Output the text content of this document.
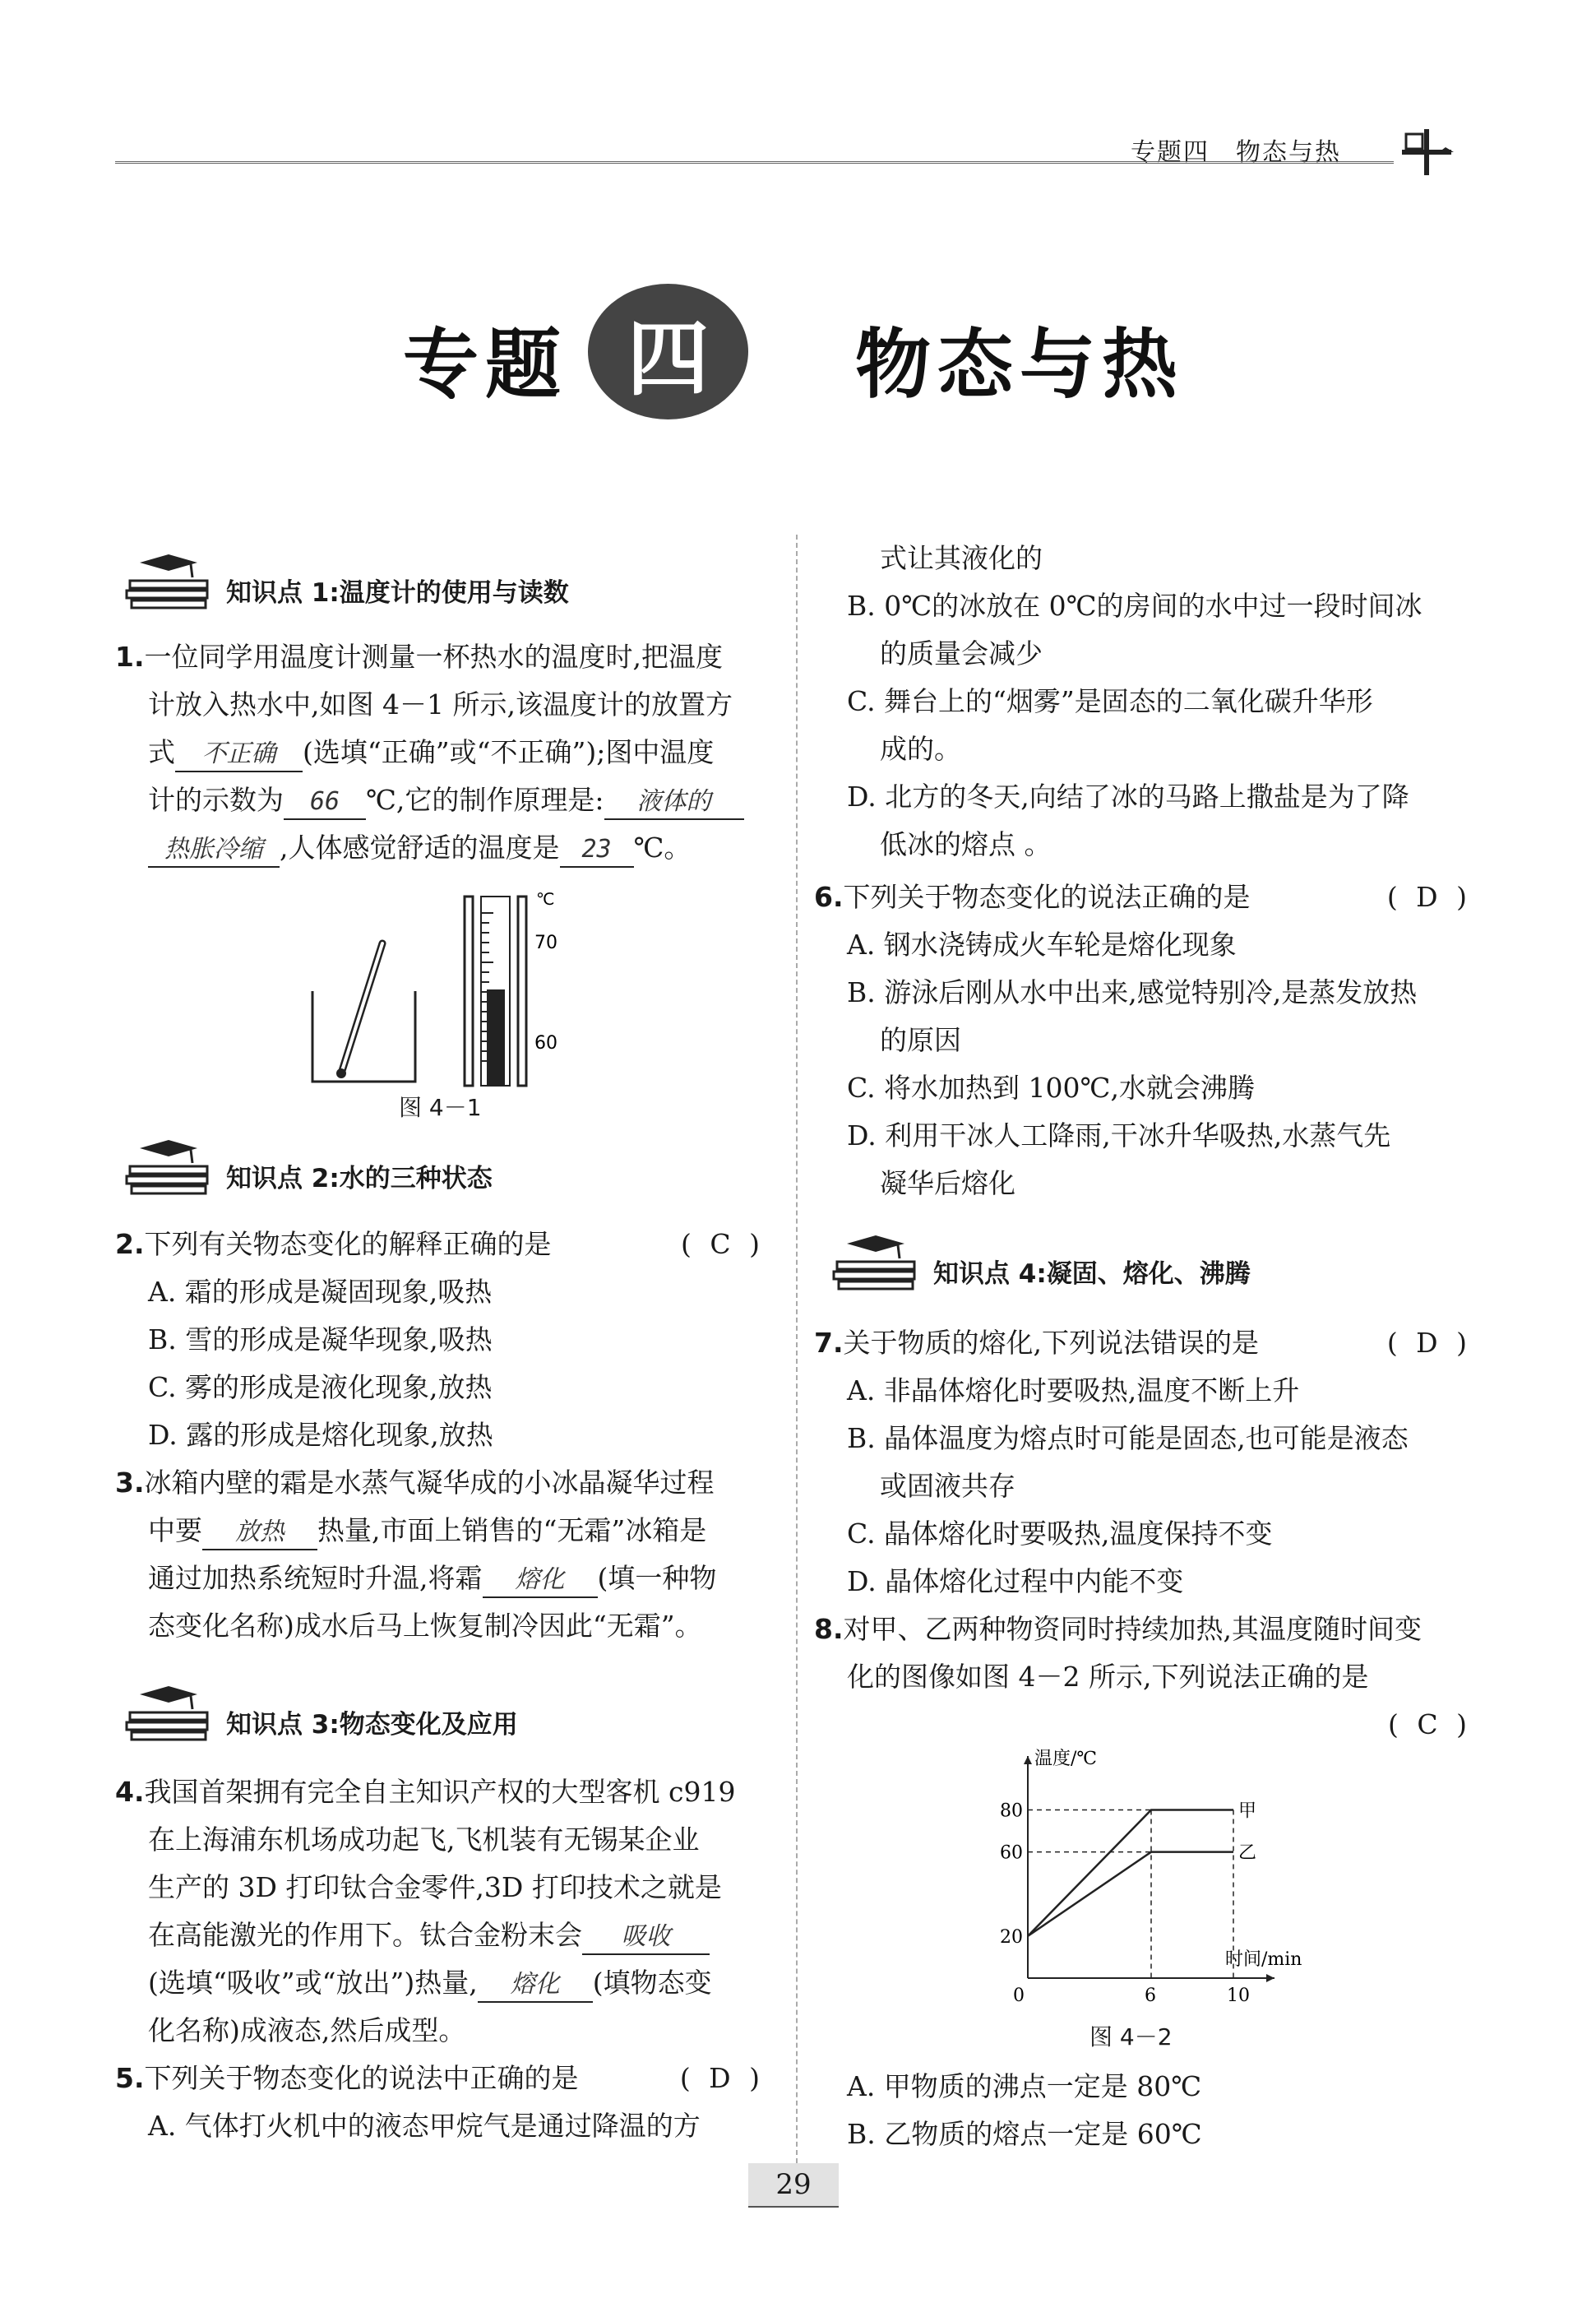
专题四　物态与热
专题 四	物态与热
知识点 1:温度计的使用与读数
1.一位同学用温度计测量一杯热水的温度时,把温度
计放入热水中,如图 4－1 所示,该温度计的放置方
式 不正确 (选填“正确”或“不正确”);图中温度
计的示数为 66 ℃,它的制作原理是: 液体的
热胀冷缩 ,人体感觉舒适的温度是 23 ℃。
℃
70
60
图 4－1
知识点 2:水的三种状态
2.下列有关物态变化的解释正确的是	( C )
A. 霜的形成是凝固现象,吸热
B. 雪的形成是凝华现象,吸热
C. 雾的形成是液化现象,放热
D. 露的形成是熔化现象,放热
3.冰箱内壁的霜是水蒸气凝华成的小冰晶凝华过程
中要 放热 热量,市面上销售的“无霜”冰箱是
通过加热系统短时升温,将霜 熔化 (填一种物
态变化名称)成水后马上恢复制冷因此“无霜”。
知识点 3:物态变化及应用
4.我国首架拥有完全自主知识产权的大型客机 c919
在上海浦东机场成功起飞,飞机装有无锡某企业
生产的 3D 打印钛合金零件,3D 打印技术之就是
在高能激光的作用下。钛合金粉末会 吸收
(选填“吸收”或“放出”)热量, 熔化 (填物态变
化名称)成液态,然后成型。
5.下列关于物态变化的说法中正确的是	( D )
A. 气体打火机中的液态甲烷气是通过降温的方
式让其液化的
B. 0℃的冰放在 0℃的房间的水中过一段时间冰
的质量会减少
C. 舞台上的“烟雾”是固态的二氧化碳升华形
成的。
D. 北方的冬天,向结了冰的马路上撒盐是为了降
低冰的熔点 。
6.下列关于物态变化的说法正确的是	( D )
A. 钢水浇铸成火车轮是熔化现象
B. 游泳后刚从水中出来,感觉特别冷,是蒸发放热
的原因
C. 将水加热到 100℃,水就会沸腾
D. 利用干冰人工降雨,干冰升华吸热,水蒸气先
凝华后熔化
知识点 4:凝固、熔化、沸腾
7.关于物质的熔化,下列说法错误的是	( D )
A. 非晶体熔化时要吸热,温度不断上升
B. 晶体温度为熔点时可能是固态,也可能是液态
或固液共存
C. 晶体熔化时要吸热,温度保持不变
D. 晶体熔化过程中内能不变
8.对甲、乙两种物资同时持续加热,其温度随时间变
化的图像如图 4－2 所示,下列说法正确的是
( C )
温度/℃
时间/min
0
20
60
80
6	10
甲
乙
图 4－2
A. 甲物质的沸点一定是 80℃
B. 乙物质的熔点一定是 60℃
29
